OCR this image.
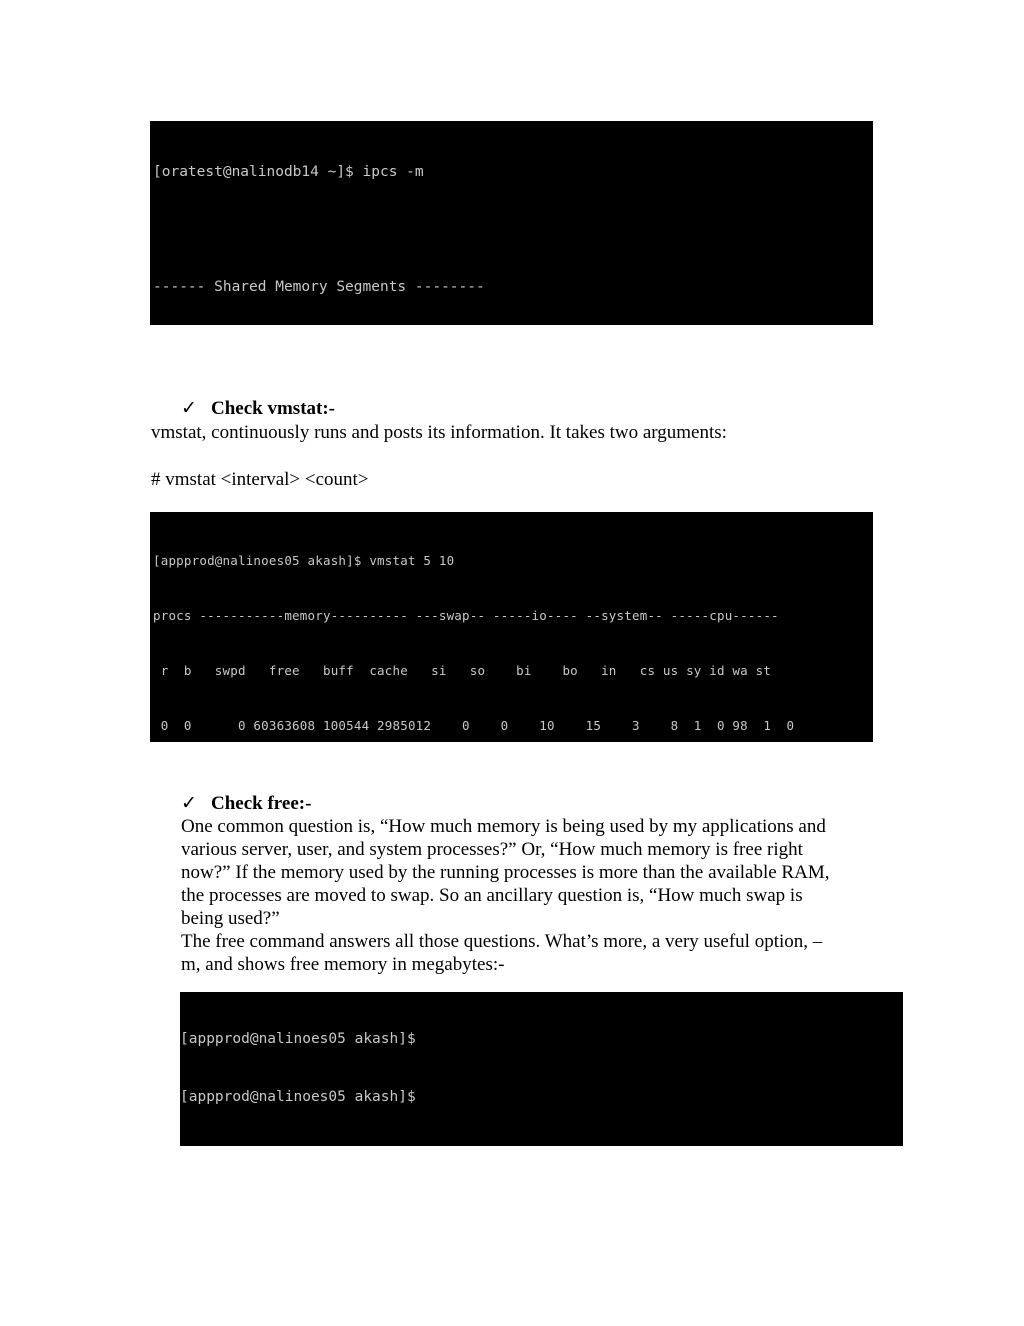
[oratest@nalinodb14 ~]$ ipcs -m

------ Shared Memory Segments --------

✓ Check vmstat:-

vmstat, continuously runs and posts its information. It takes two arguments:

# vmstat <interval> <count>

[appprod@nalinoes05 akash]$ vmstat 5 10

procs -----------memory---------- ---swap-- -----io---- --system-- -----cpu------

r  b   swpd   free   buff  cache   si   so    bi    bo   in   cs us sy id wa st

0  0      0 60363608 100544 2985012    0    0    10    15    3    8  1  0 98  1  0

✓ Check free:-

One common question is, “How much memory is being used by my applications and
various server, user, and system processes?” Or, “How much memory is free right
now?” If the memory used by the running processes is more than the available RAM,
the processes are moved to swap. So an ancillary question is, “How much swap is
being used?”
The free command answers all those questions. What’s more, a very useful option, –
m, and shows free memory in megabytes:-

[appprod@nalinoes05 akash]$

[appprod@nalinoes05 akash]$
